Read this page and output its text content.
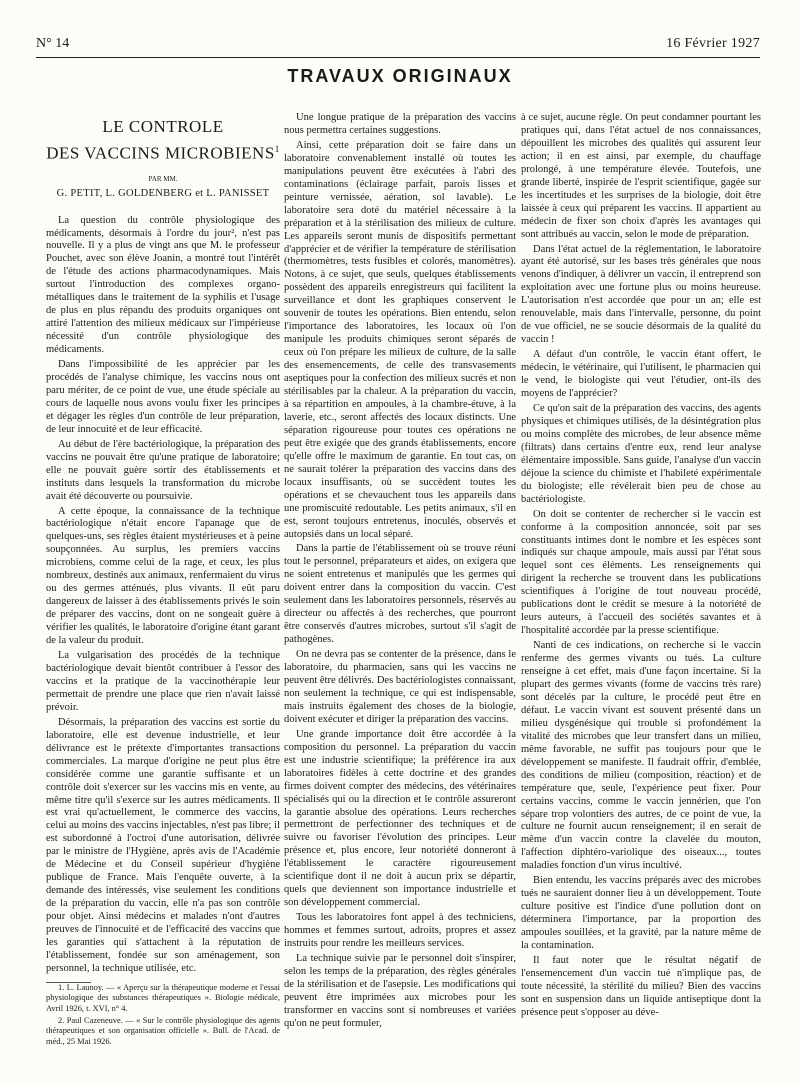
N° 14	16 Février 1927
TRAVAUX ORIGINAUX
LE CONTROLE
DES VACCINS MICROBIENS$^1$
PAR MM.
G. PETIT, L. GOLDENBERG et L. PANISSET

La question du contrôle physiologique des médicaments, désormais à l'ordre du jour², n'est pas nouvelle. Il y a plus de vingt ans que M. le professeur Pouchet, avec son élève Joanin, a montré tout l'intérêt de l'étude des actions pharmacodynamiques. Mais surtout l'introduction des complexes organo-métalliques dans le traitement de la syphilis et l'usage de plus en plus répandu des produits organiques ont attiré l'attention des milieux médicaux sur l'impérieuse nécessité d'un contrôle physiologique des médicaments.

Dans l'impossibilité de les apprécier par les procédés de l'analyse chimique, les vaccins nous ont paru mériter, de ce point de vue, une étude spéciale au cours de laquelle nous avons voulu fixer les principes et dégager les règles d'un contrôle de leur préparation, de leur innocuité et de leur efficacité.

Au début de l'ère bactériologique, la préparation des vaccins ne pouvait être qu'une pratique de laboratoire; elle ne pouvait guère sortir des établissements et instituts dans lesquels la transformation du microbe avait été découverte ou poursuivie.

A cette époque, la connaissance de la technique bactériologique n'était encore l'apanage que de quelques-uns, ses règles étaient mystérieuses et à peine soupçonnées. Au surplus, les premiers vaccins microbiens, comme celui de la rage, et ceux, les plus nombreux, destinés aux animaux, renfermaient du virus ou des germes atténués, plus vivants. Il eût paru dangereux de laisser à des établissements privés le soin de préparer des vaccins, dont on ne songeait guère à vérifier les qualités, le laboratoire d'origine étant garant de la valeur du produit.

La vulgarisation des procédés de la technique bactériologique devait bientôt contribuer à l'essor des vaccins et la pratique de la vaccinothérapie leur permettait de prendre une place que rien n'avait laissé prévoir.

Désormais, la préparation des vaccins est sortie du laboratoire, elle est devenue industrielle, et leur délivrance est le prétexte d'importantes transactions commerciales. La marque d'origine ne peut plus être considérée comme une garantie suffisante et un contrôle doit s'exercer sur les vaccins mis en vente, au même titre qu'il s'exerce sur les autres médicaments. Il est vrai qu'actuellement, le commerce des vaccins, celui au moins des vaccins injectables, n'est pas libre; il est subordonné à l'octroi d'une autorisation, délivrée par le ministre de l'Hygiène, après avis de l'Académie de Médecine et du Conseil supérieur d'hygiène publique de France. Mais l'enquête ouverte, à la demande des intéressés, vise seulement les conditions de la préparation du vaccin, elle n'a pas son contrôle pour objet. Ainsi médecins et malades n'ont d'autres preuves de l'innocuité et de l'efficacité des vaccins que les garanties qui s'attachent à la réputation de l'établissement, fondée sur son aménagement, son personnel, la technique utilisée, etc.

1. L. Launoy. — « Aperçu sur la thérapeutique moderne et l'essai physiologique des substances thérapeutiques ». Biologie médicale, Avril 1926, t. XVI, n° 4.

2. Paul Cazeneuve. — « Sur le contrôle physiologique des agents thérapeutiques et son organisation officielle ». Bull. de l'Acad. de méd., 25 Mai 1926.

Une longue pratique de la préparation des vaccins nous permettra certaines suggestions.

Ainsi, cette préparation doit se faire dans un laboratoire convenablement installé où toutes les manipulations peuvent être exécutées à l'abri des contaminations (éclairage parfait, parois lisses et peinture vernissée, aération, sol lavable). Le laboratoire sera doté du matériel nécessaire à la préparation et à la stérilisation des milieux de culture. Les appareils seront munis de dispositifs permettant d'apprécier et de vérifier la température de stérilisation (thermomètres, tests fusibles et colorés, manomètres). Notons, à ce sujet, que seuls, quelques établissements possèdent des appareils enregistreurs qui facilitent la surveillance et dont les graphiques conservent le souvenir de toutes les opérations. Bien entendu, selon l'importance des laboratoires, les locaux où l'on manipule les produits chimiques seront séparés de ceux où l'on prépare les milieux de culture, de la salle des ensemencements, de celle des transvasements aseptiques pour la confection des milieux sucrés et non stérilisables par la chaleur. A la préparation du vaccin, à sa répartition en ampoules, à la chambre-étuve, à la laverie, etc., seront affectés des locaux distincts. Une séparation rigoureuse pour toutes ces opérations ne peut être exigée que des grands établissements, encore qu'elle offre le maximum de garantie. En tout cas, on ne saurait tolérer la préparation des vaccins dans des locaux insuffisants, où se succèdent toutes les opérations et se chevauchent tous les appareils dans une promiscuité redoutable. Les petits animaux, s'il en est, seront toujours entretenus, inoculés, observés et autopsiés dans un local séparé.

Dans la partie de l'établissement où se trouve réuni tout le personnel, préparateurs et aides, on exigera que ne soient entretenus et manipulés que les germes qui doivent entrer dans la composition du vaccin. C'est seulement dans les laboratoires personnels, réservés au directeur ou affectés à des recherches, que pourront être conservés d'autres microbes, surtout s'il s'agit de pathogènes.

On ne devra pas se contenter de la présence, dans le laboratoire, du pharmacien, sans qui les vaccins ne peuvent être délivrés. Des bactériologistes connaissant, non seulement la technique, ce qui est indispensable, mais instruits également des choses de la biologie, doivent exécuter et diriger la préparation des vaccins.

Une grande importance doit être accordée à la composition du personnel. La préparation du vaccin est une industrie scientifique; la préférence ira aux laboratoires fidèles à cette doctrine et des grandes firmes doivent compter des médecins, des vétérinaires spécialisés qui ou la direction et le contrôle assureront la garantie absolue des opérations. Leurs recherches permettront de perfectionner des techniques et de suivre ou favoriser l'évolution des principes. Leur présence et, plus encore, leur notoriété donneront à l'établissement le caractère rigoureusement scientifique dont il ne doit à aucun prix se départir, quels que deviennent son importance industrielle et son développement commercial.

Tous les laboratoires font appel à des techniciens, hommes et femmes surtout, adroits, propres et assez instruits pour rendre les meilleurs services.

La technique suivie par le personnel doit s'inspirer, selon les temps de la préparation, des règles générales de la stérilisation et de l'asepsie. Les modifications qui peuvent être imprimées aux microbes pour les transformer en vaccins sont si nombreuses et variées qu'on ne peut formuler,

à ce sujet, aucune règle. On peut condamner pourtant les pratiques qui, dans l'état actuel de nos connaissances, dépouillent les microbes des qualités qui assurent leur action; il en est ainsi, par exemple, du chauffage prolongé, à une température élevée. Toutefois, une grande liberté, inspirée de l'esprit scientifique, gagée sur les incertitudes et les surprises de la biologie, doit être laissée à ceux qui préparent les vaccins. Il appartient au médecin de fixer son choix d'après les avantages qui sont attribués au vaccin, selon le mode de préparation.

Dans l'état actuel de la réglementation, le laboratoire ayant été autorisé, sur les bases très générales que nous venons d'indiquer, à délivrer un vaccin, il entreprend son exploitation avec une fortune plus ou moins heureuse. L'autorisation n'est accordée que pour un an; elle est renouvelable, mais dans l'intervalle, personne, du point de vue officiel, ne se soucie désormais de la qualité du vaccin !

A défaut d'un contrôle, le vaccin étant offert, le médecin, le vétérinaire, qui l'utilisent, le pharmacien qui le vend, le biologiste qui veut l'étudier, ont-ils des moyens de l'apprécier?

Ce qu'on sait de la préparation des vaccins, des agents physiques et chimiques utilisés, de la désintégration plus ou moins complète des microbes, de leur absence même (filtrats) dans certains d'entre eux, rend leur analyse élémentaire impossible. Sans guide, l'analyse d'un vaccin déjoue la science du chimiste et l'habileté expérimentale du biologiste; elle révélerait bien peu de chose au bactériologiste.

On doit se contenter de rechercher si le vaccin est conforme à la composition annoncée, soit par ses constituants intimes dont le nombre et les espèces sont indiqués sur chaque ampoule, mais aussi par l'état sous lequel sont ces éléments. Les renseignements qui dirigent la recherche se trouvent dans les publications scientifiques à l'origine de tout nouveau procédé, publications dont le crédit se mesure à la notoriété de leurs auteurs, à l'accueil des sociétés savantes et à l'hospitalité accordée par la presse scientifique.

Nanti de ces indications, on recherche si le vaccin renferme des germes vivants ou tués. La culture renseigne à cet effet, mais d'une façon incertaine. Si la plupart des germes vivants (forme de vaccins très rare) sont décelés par la culture, le procédé peut être en défaut. Le vaccin vivant est souvent présenté dans un milieu dysgénésique qui trouble si profondément la vitalité des microbes que leur transfert dans un milieu, même favorable, ne suffit pas toujours pour que le développement se manifeste. Il faudrait offrir, d'emblée, des conditions de milieu (composition, réaction) et de température que, seule, l'expérience peut fixer. Pour certains vaccins, comme le vaccin jennérien, que l'on sépare trop volontiers des autres, de ce point de vue, la culture ne fournit aucun renseignement; il en serait de même d'un vaccin contre la clavelée du mouton, l'affection diphtéro-variolique des oiseaux..., toutes maladies fonction d'un virus incultivé.

Bien entendu, les vaccins préparés avec des microbes tués ne sauraient donner lieu à un développement. Toute culture positive est l'indice d'une pollution dont on déterminera l'importance, par la proportion des ampoules souillées, et la gravité, par la nature même de la contamination.

Il faut noter que le résultat négatif de l'ensemencement d'un vaccin tué n'implique pas, de toute nécessité, la stérilité du milieu? Bien des vaccins sont en suspension dans un liquide antiseptique dont la présence peut s'opposer au déve-
